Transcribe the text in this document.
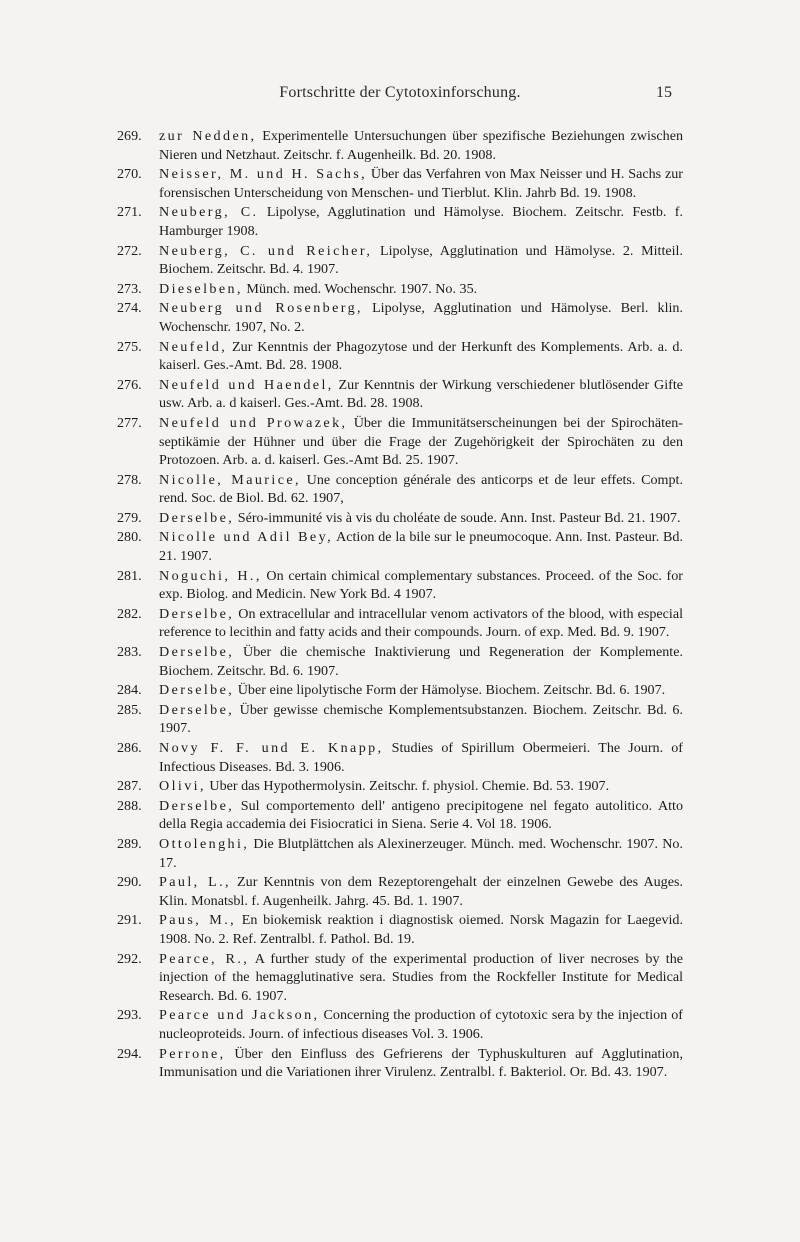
Fortschritte der Cytotoxinforschung.	15
269. zur Nedden, Experimentelle Untersuchungen über spezifische Beziehungen zwischen Nieren und Netzhaut. Zeitschr. f. Augenheilk. Bd. 20. 1908.
270. Neisser, M. und H. Sachs, Über das Verfahren von Max Neisser und H. Sachs zur forensischen Unterscheidung von Menschen- und Tierblut. Klin. Jahrb Bd. 19. 1908.
271. Neuberg, C. Lipolyse, Agglutination und Hämolyse. Biochem. Zeitschr. Festb. f. Hamburger 1908.
272. Neuberg, C. und Reicher, Lipolyse, Agglutination und Hämolyse. 2. Mitteil. Biochem. Zeitschr. Bd. 4. 1907.
273. Dieselben, Münch. med. Wochenschr. 1907. No. 35.
274. Neuberg und Rosenberg, Lipolyse, Agglutination und Hämolyse. Berl. klin. Wochenschr. 1907, No. 2.
275. Neufeld, Zur Kenntnis der Phagozytose und der Herkunft des Komplements. Arb. a. d. kaiserl. Ges.-Amt. Bd. 28. 1908.
276. Neufeld und Haendel, Zur Kenntnis der Wirkung verschiedener blutlösender Gifte usw. Arb. a. d kaiserl. Ges.-Amt. Bd. 28. 1908.
277. Neufeld und Prowazek, Über die Immunitätserscheinungen bei der Spirochäten-septikämie der Hühner und über die Frage der Zugehörigkeit der Spirochäten zu den Protozoen. Arb. a. d. kaiserl. Ges.-Amt Bd. 25. 1907.
278. Nicolle, Maurice, Une conception générale des anticorps et de leur effets. Compt. rend. Soc. de Biol. Bd. 62. 1907,
279. Derselbe, Séro-immunité vis à vis du choléate de soude. Ann. Inst. Pasteur Bd. 21. 1907.
280. Nicolle und Adil Bey, Action de la bile sur le pneumocoque. Ann. Inst. Pasteur. Bd. 21. 1907.
281. Noguchi, H., On certain chimical complementary substances. Proceed. of the Soc. for exp. Biolog. and Medicin. New York Bd. 4 1907.
282. Derselbe, On extracellular and intracellular venom activators of the blood, with especial reference to lecithin and fatty acids and their compounds. Journ. of exp. Med. Bd. 9. 1907.
283. Derselbe, Über die chemische Inaktivierung und Regeneration der Komplemente. Biochem. Zeitschr. Bd. 6. 1907.
284. Derselbe, Über eine lipolytische Form der Hämolyse. Biochem. Zeitschr. Bd. 6. 1907.
285. Derselbe, Über gewisse chemische Komplementsubstanzen. Biochem. Zeitschr. Bd. 6. 1907.
286. Novy F. F. und E. Knapp, Studies of Spirillum Obermeieri. The Journ. of Infectious Diseases. Bd. 3. 1906.
287. Olivi, Uber das Hypothermolysin. Zeitschr. f. physiol. Chemie. Bd. 53. 1907.
288. Derselbe, Sul comportemento dell' antigeno precipitogene nel fegato autolitico. Atto della Regia accademia dei Fisiocratici in Siena. Serie 4. Vol 18. 1906.
289. Ottolenghi, Die Blutplättchen als Alexinerzeuger. Münch. med. Wochenschr. 1907. No. 17.
290. Paul, L., Zur Kenntnis von dem Rezeptorengehalt der einzelnen Gewebe des Auges. Klin. Monatsbl. f. Augenheilk. Jahrg. 45. Bd. 1. 1907.
291. Paus, M., En biokemisk reaktion i diagnostisk oiemed. Norsk Magazin for Laegevid. 1908. No. 2. Ref. Zentralbl. f. Pathol. Bd. 19.
292. Pearce, R., A further study of the experimental production of liver necroses by the injection of the hemagglutinative sera. Studies from the Rockfeller Institute for Medical Research. Bd. 6. 1907.
293. Pearce und Jackson, Concerning the production of cytotoxic sera by the injection of nucleoproteids. Journ. of infectious diseases Vol. 3. 1906.
294. Perrone, Über den Einfluss des Gefrierens der Typhuskulturen auf Agglutination, Immunisation und die Variationen ihrer Virulenz. Zentralbl. f. Bakteriol. Or. Bd. 43. 1907.
